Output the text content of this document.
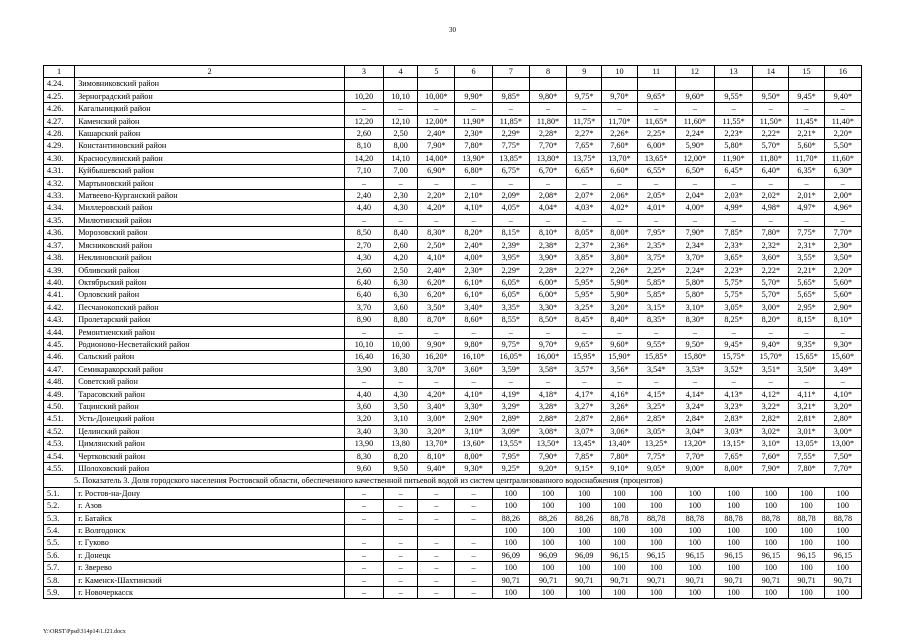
30
1	2	3	4	5	6	7	8	9	10	11	12	13	14	15	16
4.24.	Зимовниковский район														
4.25.	Зерноградский район	10,20	10,10	10,00*	9,90*	9,85*	9,80*	9,75*	9,70*	9,65*	9,60*	9,55*	9,50*	9,45*	9,40*
4.26.	Кагальницкий район	–	–	–	–	–	–	–	–	–	–	–	–	–	–
4.27.	Каменский район	12,20	12,10	12,00*	11,90*	11,85*	11,80*	11,75*	11,70*	11,65*	11,60*	11,55*	11,50*	11,45*	11,40*
4.28.	Кашарский район	2,60	2,50	2,40*	2,30*	2,29*	2,28*	2,27*	2,26*	2,25*	2,24*	2,23*	2,22*	2,21*	2,20*
4.29.	Константиновский район	8,10	8,00	7,90*	7,80*	7,75*	7,70*	7,65*	7,60*	6,00*	5,90*	5,80*	5,70*	5,60*	5,50*
4.30.	Красносулинский район	14,20	14,10	14,00*	13,90*	13,85*	13,80*	13,75*	13,70*	13,65*	12,00*	11,90*	11,80*	11,70*	11,60*
4.31.	Куйбышевский район	7,10	7,00	6,90*	6,80*	6,75*	6,70*	6,65*	6,60*	6,55*	6,50*	6,45*	6,40*	6,35*	6,30*
4.32.	Мартыновский район	–	–	–	–	–	–	–	–	–	–	–	–	–	–
4.33.	Матвеево-Курганский район	2,40	2,30	2,20*	2,10*	2,09*	2,08*	2,07*	2,06*	2,05*	2,04*	2,03*	2,02*	2,01*	2,00*
4.34.	Миллеровский район	4,40	4,30	4,20*	4,10*	4,05*	4,04*	4,03*	4,02*	4,01*	4,00*	4,99*	4,98*	4,97*	4,96*
4.35.	Милютинский район	–	–	–	–	–	–	–	–	–	–	–	–	–	–
4.36.	Морозовский район	8,50	8,40	8,30*	8,20*	8,15*	8,10*	8,05*	8,00*	7,95*	7,90*	7,85*	7,80*	7,75*	7,70*
4.37.	Мясниковский район	2,70	2,60	2,50*	2,40*	2,39*	2,38*	2,37*	2,36*	2,35*	2,34*	2,33*	2,32*	2,31*	2,30*
4.38.	Неклиновский район	4,30	4,20	4,10*	4,00*	3,95*	3,90*	3,85*	3,80*	3,75*	3,70*	3,65*	3,60*	3,55*	3,50*
4.39.	Обливский район	2,60	2,50	2,40*	2,30*	2,29*	2,28*	2,27*	2,26*	2,25*	2,24*	2,23*	2,22*	2,21*	2,20*
4.40.	Октябрьский район	6,40	6,30	6,20*	6,10*	6,05*	6,00*	5,95*	5,90*	5,85*	5,80*	5,75*	5,70*	5,65*	5,60*
4.41.	Орловский район	6,40	6,30	6,20*	6,10*	6,05*	6,00*	5,95*	5,90*	5,85*	5,80*	5,75*	5,70*	5,65*	5,60*
4.42.	Песчанокопский район	3,70	3,60	3,50*	3,40*	3,35*	3,30*	3,25*	3,20*	3,15*	3,10*	3,05*	3,00*	2,95*	2,90*
4.43.	Пролетарский район	8,90	8,80	8,70*	8,60*	8,55*	8,50*	8,45*	8,40*	8,35*	8,30*	8,25*	8,20*	8,15*	8,10*
4.44.	Ремонтненский район	–	–	–	–	–	–	–	–	–	–	–	–	–	–
4.45.	Родионово-Несветайский район	10,10	10,00	9,90*	9,80*	9,75*	9,70*	9,65*	9,60*	9,55*	9,50*	9,45*	9,40*	9,35*	9,30*
4.46.	Сальский район	16,40	16,30	16,20*	16,10*	16,05*	16,00*	15,95*	15,90*	15,85*	15,80*	15,75*	15,70*	15,65*	15,60*
4.47.	Семикаракорский район	3,90	3,80	3,70*	3,60*	3,59*	3,58*	3,57*	3,56*	3,54*	3,53*	3,52*	3,51*	3,50*	3,49*
4.48.	Советский район	–	–	–	–	–	–	–	–	–	–	–	–	–	–
4.49.	Тарасовский район	4,40	4,30	4,20*	4,10*	4,19*	4,18*	4,17*	4,16*	4,15*	4,14*	4,13*	4,12*	4,11*	4,10*
4.50.	Тацинский район	3,60	3,50	3,40*	3,30*	3,29*	3,28*	3,27*	3,26*	3,25*	3,24*	3,23*	3,22*	3,21*	3,20*
4.51.	Усть-Донецкий район	3,20	3,10	3,00*	2,90*	2,89*	2,88*	2,87*	2,86*	2,85*	2,84*	2,83*	2,82*	2,81*	2,80*
4.52.	Целинский район	3,40	3,30	3,20*	3,10*	3,09*	3,08*	3,07*	3,06*	3,05*	3,04*	3,03*	3,02*	3,01*	3,00*
4.53.	Цимлянский район	13,90	13,80	13,70*	13,60*	13,55*	13,50*	13,45*	13,40*	13,25*	13,20*	13,15*	3,10*	13,05*	13,00*
4.54.	Чертковский район	8,30	8,20	8,10*	8,00*	7,95*	7,90*	7,85*	7,80*	7,75*	7,70*	7,65*	7,60*	7,55*	7,50*
4.55.	Шолоховский район	9,60	9,50	9,40*	9,30*	9,25*	9,20*	9,15*	9,10*	9,05*	9,00*	8,00*	7,90*	7,80*	7,70*
5. Показатель 3. Доля городского населения Ростовской области, обеспеченного качественной питьевой водой из систем централизованного водоснабжения (процентов)															
5.1.	г. Ростов-на-Дону	–	–	–	–	100	100	100	100	100	100	100	100	100	100
5.2.	г. Азов	–	–	–	–	100	100	100	100	100	100	100	100	100	100
5.3.	г. Батайск	–	–	–	–	88,26	88,26	88,26	88,78	88,78	88,78	88,78	88,78	88,78	88,78
5.4.	г. Волгодонск					100	100	100	100	100	100	100	100	100	100
5.5.	г. Гуково	–	–	–	–	100	100	100	100	100	100	100	100	100	100
5.6.	г. Донецк	–	–	–	–	96,09	96,09	96,09	96,15	96,15	96,15	96,15	96,15	96,15	96,15
5.7.	г. Зверево	–	–	–	–	100	100	100	100	100	100	100	100	100	100
5.8.	г. Каменск-Шахтинский	–	–	–	–	90,71	90,71	90,71	90,71	90,71	90,71	90,71	90,71	90,71	90,71
5.9.	г. Новочеркасск	–	–	–	–	100	100	100	100	100	100	100	100	100	100
Y:\ORST\Ppsd\314p14\1.f21.docx
